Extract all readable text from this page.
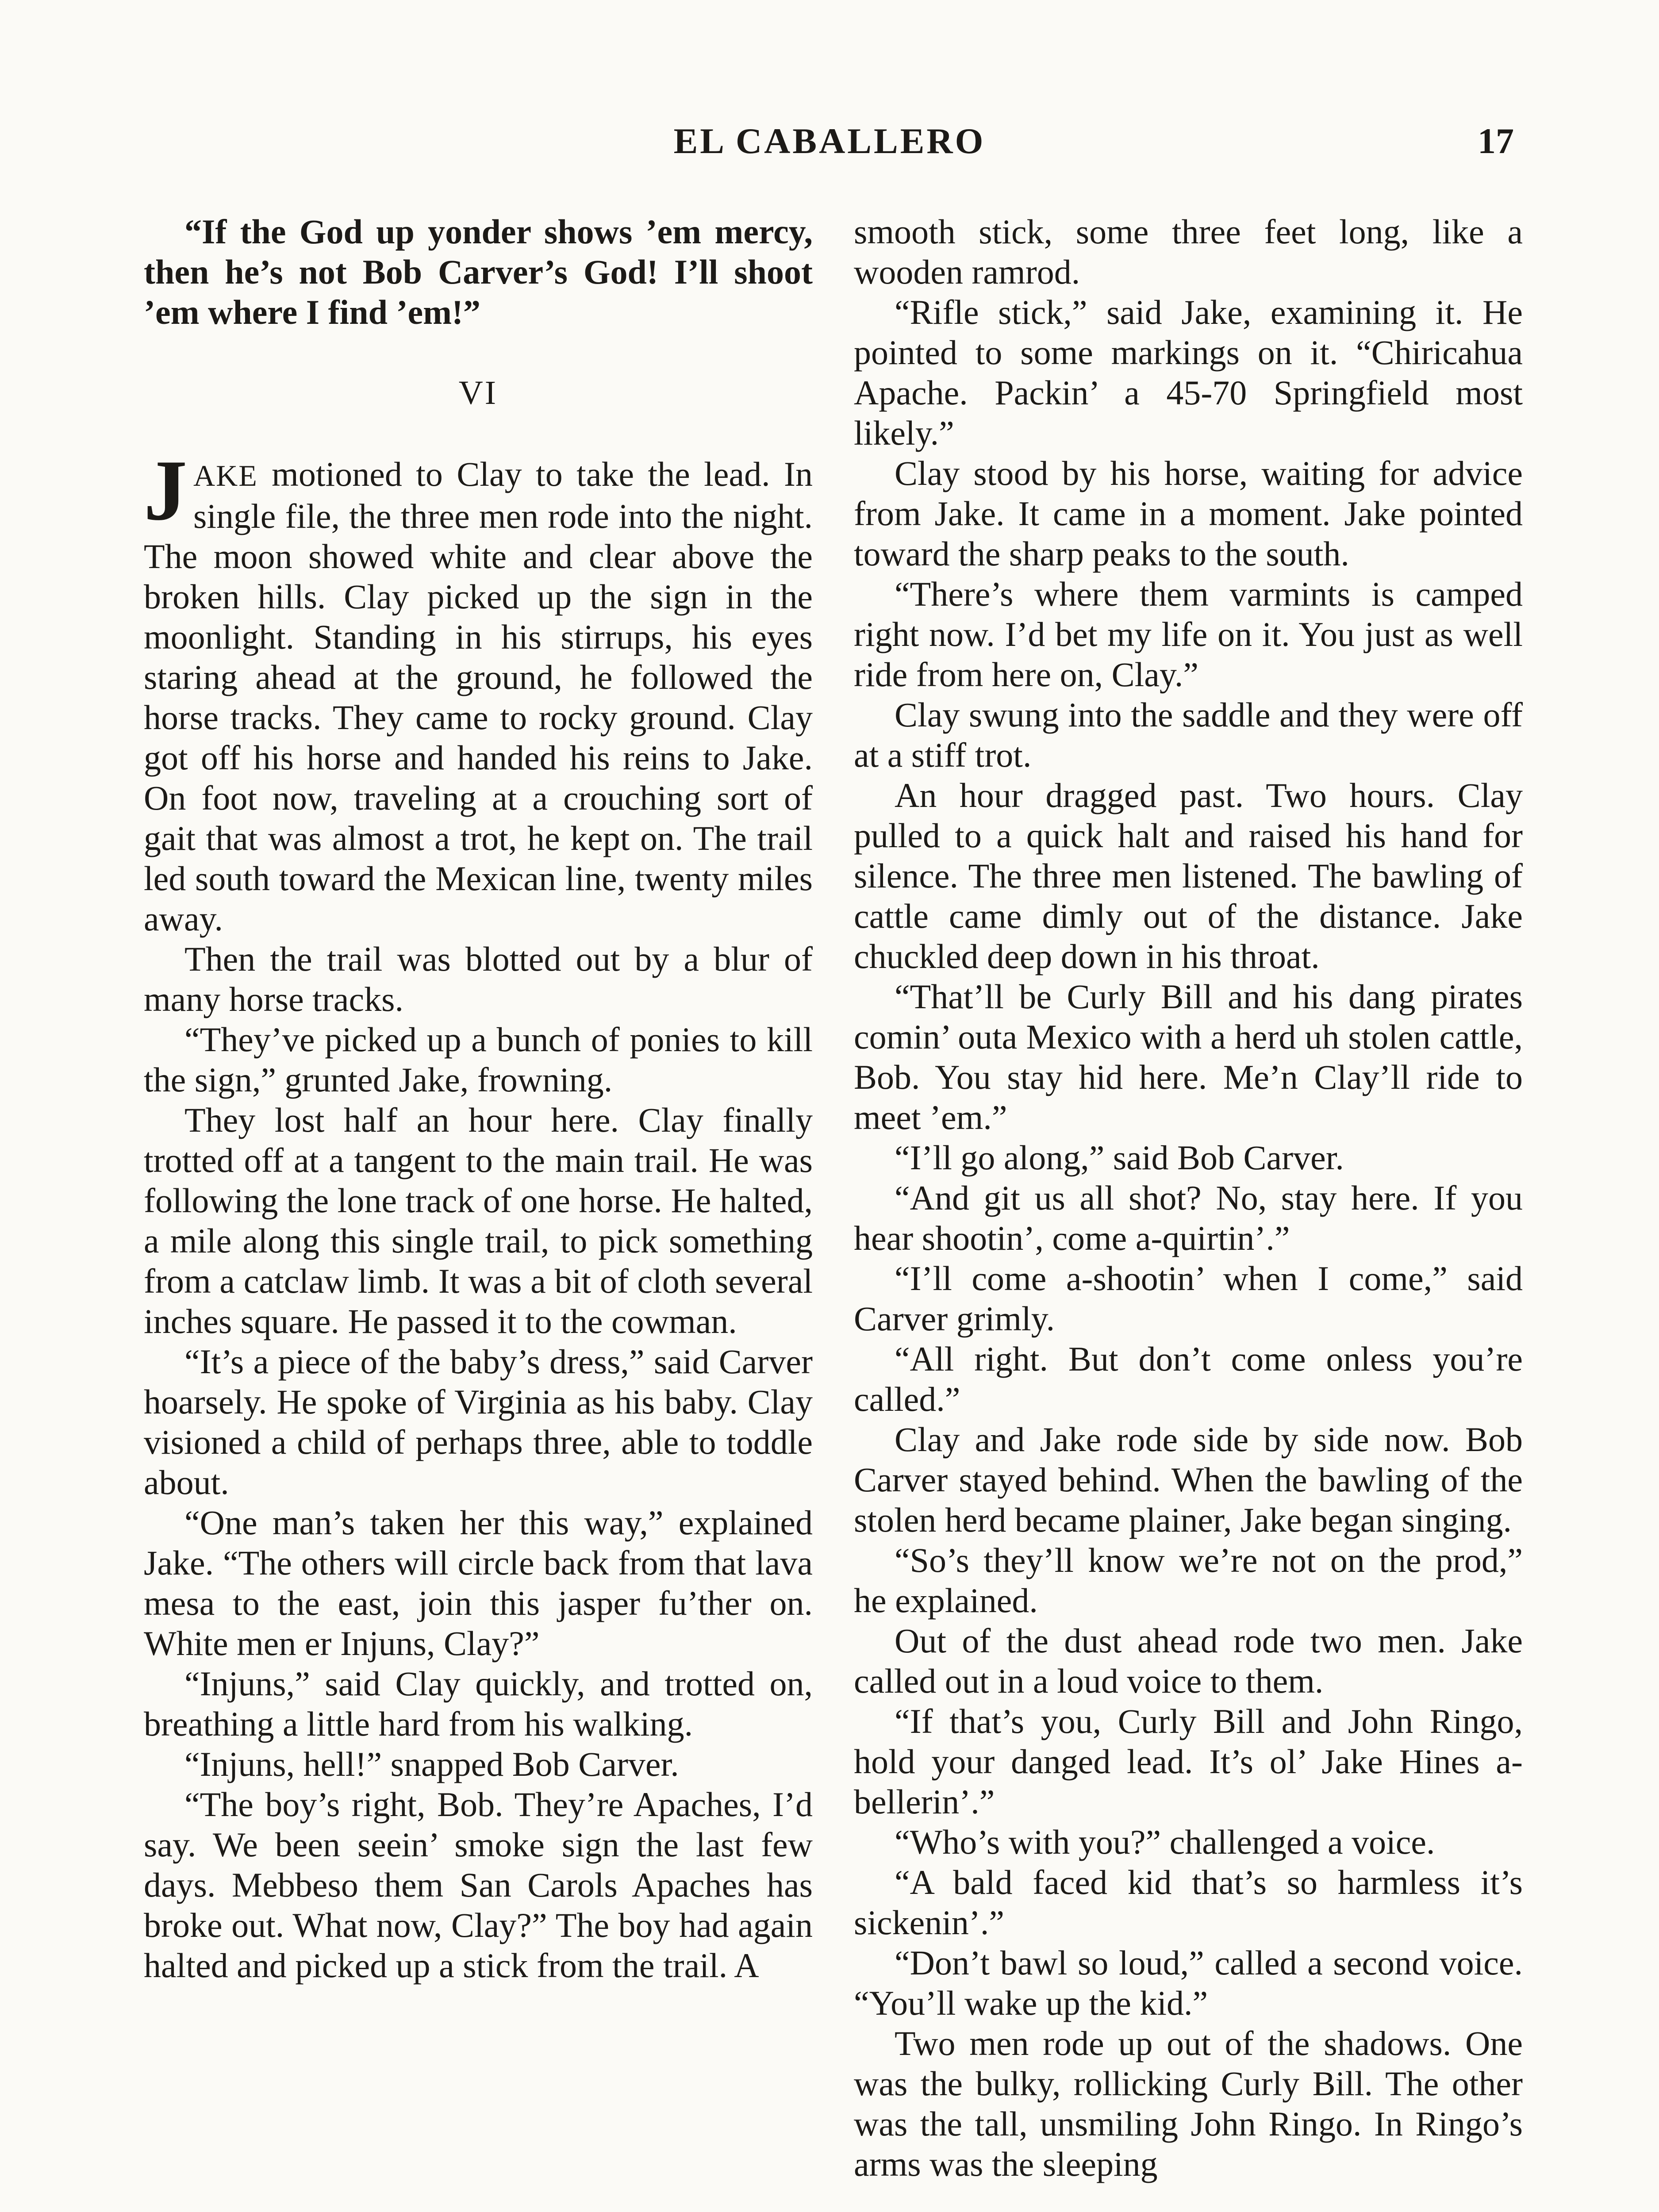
EL CABALLERO	17

“If the God up yonder shows ’em mercy, then he’s not Bob Carver’s God! I’ll shoot ’em where I find ’em!”

VI

JAKE motioned to Clay to take the lead. In single file, the three men rode into the night. The moon showed white and clear above the broken hills. Clay picked up the sign in the moonlight. Standing in his stirrups, his eyes staring ahead at the ground, he followed the horse tracks. They came to rocky ground. Clay got off his horse and handed his reins to Jake. On foot now, traveling at a crouching sort of gait that was almost a trot, he kept on. The trail led south toward the Mexican line, twenty miles away.

Then the trail was blotted out by a blur of many horse tracks.

“They’ve picked up a bunch of ponies to kill the sign,” grunted Jake, frowning.

They lost half an hour here. Clay finally trotted off at a tangent to the main trail. He was following the lone track of one horse. He halted, a mile along this single trail, to pick something from a catclaw limb. It was a bit of cloth several inches square. He passed it to the cowman.

“It’s a piece of the baby’s dress,” said Carver hoarsely. He spoke of Virginia as his baby. Clay visioned a child of perhaps three, able to toddle about.

“One man’s taken her this way,” explained Jake. “The others will circle back from that lava mesa to the east, join this jasper fu’ther on. White men er Injuns, Clay?”

“Injuns,” said Clay quickly, and trotted on, breathing a little hard from his walking.

“Injuns, hell!” snapped Bob Carver.

“The boy’s right, Bob. They’re Apaches, I’d say. We been seein’ smoke sign the last few days. Mebbeso them San Carols Apaches has broke out. What now, Clay?” The boy had again halted and picked up a stick from the trail. A

smooth stick, some three feet long, like a wooden ramrod.

“Rifle stick,” said Jake, examining it. He pointed to some markings on it. “Chiricahua Apache. Packin’ a 45-70 Springfield most likely.”

Clay stood by his horse, waiting for advice from Jake. It came in a moment. Jake pointed toward the sharp peaks to the south.

“There’s where them varmints is camped right now. I’d bet my life on it. You just as well ride from here on, Clay.”

Clay swung into the saddle and they were off at a stiff trot.

An hour dragged past. Two hours. Clay pulled to a quick halt and raised his hand for silence. The three men listened. The bawling of cattle came dimly out of the distance. Jake chuckled deep down in his throat.

“That’ll be Curly Bill and his dang pirates comin’ outa Mexico with a herd uh stolen cattle, Bob. You stay hid here. Me’n Clay’ll ride to meet ’em.”

“I’ll go along,” said Bob Carver.

“And git us all shot? No, stay here. If you hear shootin’, come a-quirtin’.”

“I’ll come a-shootin’ when I come,” said Carver grimly.

“All right. But don’t come onless you’re called.”

Clay and Jake rode side by side now. Bob Carver stayed behind. When the bawling of the stolen herd became plainer, Jake began singing.

“So’s they’ll know we’re not on the prod,” he explained.

Out of the dust ahead rode two men. Jake called out in a loud voice to them.

“If that’s you, Curly Bill and John Ringo, hold your danged lead. It’s ol’ Jake Hines a-bellerin’.”

“Who’s with you?” challenged a voice.

“A bald faced kid that’s so harmless it’s sickenin’.”

“Don’t bawl so loud,” called a second voice. “You’ll wake up the kid.”

Two men rode up out of the shadows. One was the bulky, rollicking Curly Bill. The other was the tall, unsmiling John Ringo. In Ringo’s arms was the sleeping
